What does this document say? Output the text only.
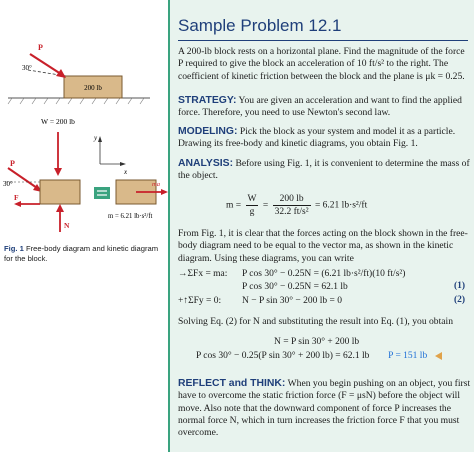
200 lb
P
30°
W = 200 lb
y
x
P
30°
F
N
ma
m = 6.21 lb·s²/ft
Fig. 1 Free-body diagram and kinetic diagram for the block.
Sample Problem 12.1

A 200-lb block rests on a horizontal plane. Find the magnitude of the force P required to give the block an acceleration of 10 ft/s² to the right. The coefficient of kinetic friction between the block and the plane is μk = 0.25.

STRATEGY: You are given an acceleration and want to find the applied force. Therefore, you need to use Newton's second law.

MODELING: Pick the block as your system and model it as a particle. Drawing its free-body and kinetic diagrams, you obtain Fig. 1.

ANALYSIS: Before using Fig. 1, it is convenient to determine the mass of the object.

$m = \frac{W}{g} = \frac{200 lb}{\text{32.2 ft/s²}} = 6.21$ lb·s²/ft

From Fig. 1, it is clear that the forces acting on the block shown in the free-body diagram need to be equal to the vector ma, as shown in the kinetic diagram. Using these diagrams, you can write

→ΣFx = ma: P cos 30° − 0.25N = (6.21 lb·s²/ft)(10 ft/s²)
P cos 30° − 0.25N = 62.1 lb	(1)
+↑ΣFy = 0: N − P sin 30° − 200 lb = 0	(2)

Solving Eq. (2) for N and substituting the result into Eq. (1), you obtain

N = P sin 30° + 200 lb
P cos 30° − 0.25(P sin 30° + 200 lb) = 62.1 lb P = 151 lb

REFLECT and THINK: When you begin pushing on an object, you first have to overcome the static friction force (F = μsN) before the object will move. Also note that the downward component of force P increases the normal force N, which in turn increases the friction force F that you must overcome.
